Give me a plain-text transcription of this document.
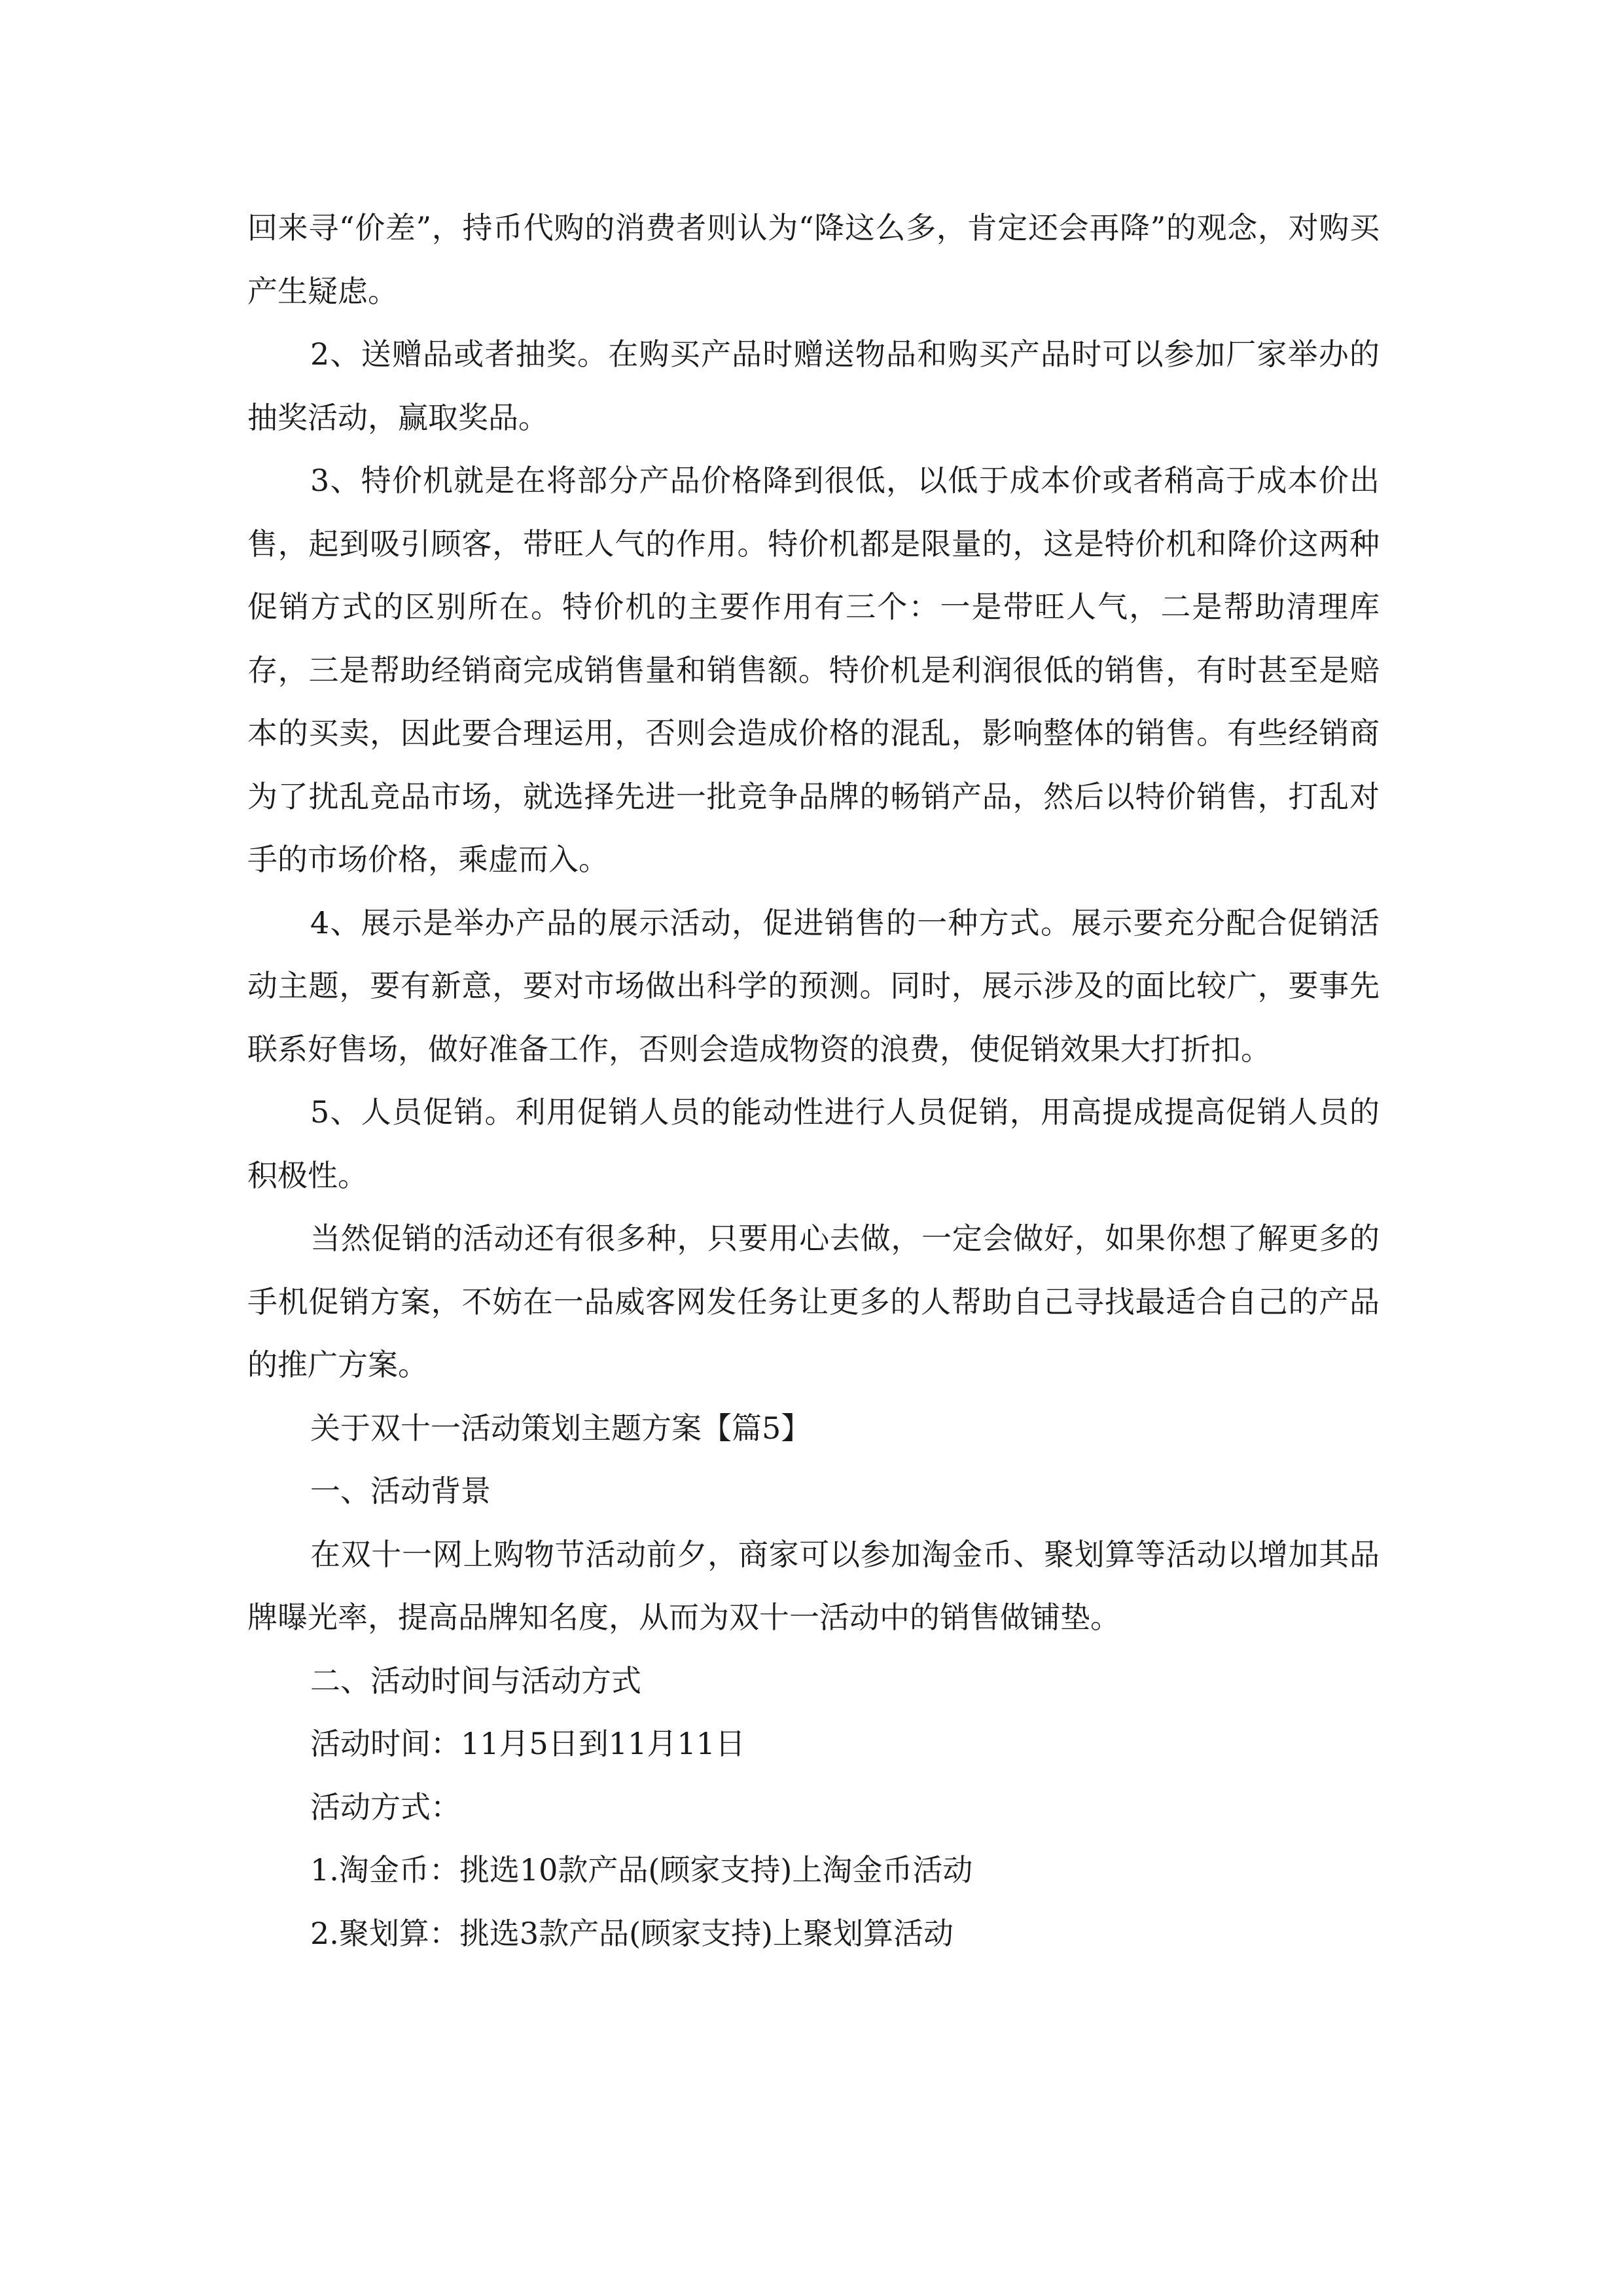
回来寻“价差”，持币代购的消费者则认为“降这么多，肯定还会再降”的观念，对购买产生疑虑。

2、送赠品或者抽奖。在购买产品时赠送物品和购买产品时可以参加厂家举办的抽奖活动，赢取奖品。

3、特价机就是在将部分产品价格降到很低，以低于成本价或者稍高于成本价出售，起到吸引顾客，带旺人气的作用。特价机都是限量的，这是特价机和降价这两种促销方式的区别所在。特价机的主要作用有三个：一是带旺人气，二是帮助清理库存，三是帮助经销商完成销售量和销售额。特价机是利润很低的销售，有时甚至是赔本的买卖，因此要合理运用，否则会造成价格的混乱，影响整体的销售。有些经销商为了扰乱竞品市场，就选择先进一批竞争品牌的畅销产品，然后以特价销售，打乱对手的市场价格，乘虚而入。

4、展示是举办产品的展示活动，促进销售的一种方式。展示要充分配合促销活动主题，要有新意，要对市场做出科学的预测。同时，展示涉及的面比较广，要事先联系好售场，做好准备工作，否则会造成物资的浪费，使促销效果大打折扣。

5、人员促销。利用促销人员的能动性进行人员促销，用高提成提高促销人员的积极性。

当然促销的活动还有很多种，只要用心去做，一定会做好，如果你想了解更多的手机促销方案，不妨在一品威客网发任务让更多的人帮助自己寻找最适合自己的产品的推广方案。

关于双十一活动策划主题方案【篇5】

一、活动背景

在双十一网上购物节活动前夕，商家可以参加淘金币、聚划算等活动以增加其品牌曝光率，提高品牌知名度，从而为双十一活动中的销售做铺垫。

二、活动时间与活动方式

活动时间：11月5日到11月11日

活动方式：

1.淘金币：挑选10款产品(顾家支持)上淘金币活动

2.聚划算：挑选3款产品(顾家支持)上聚划算活动
